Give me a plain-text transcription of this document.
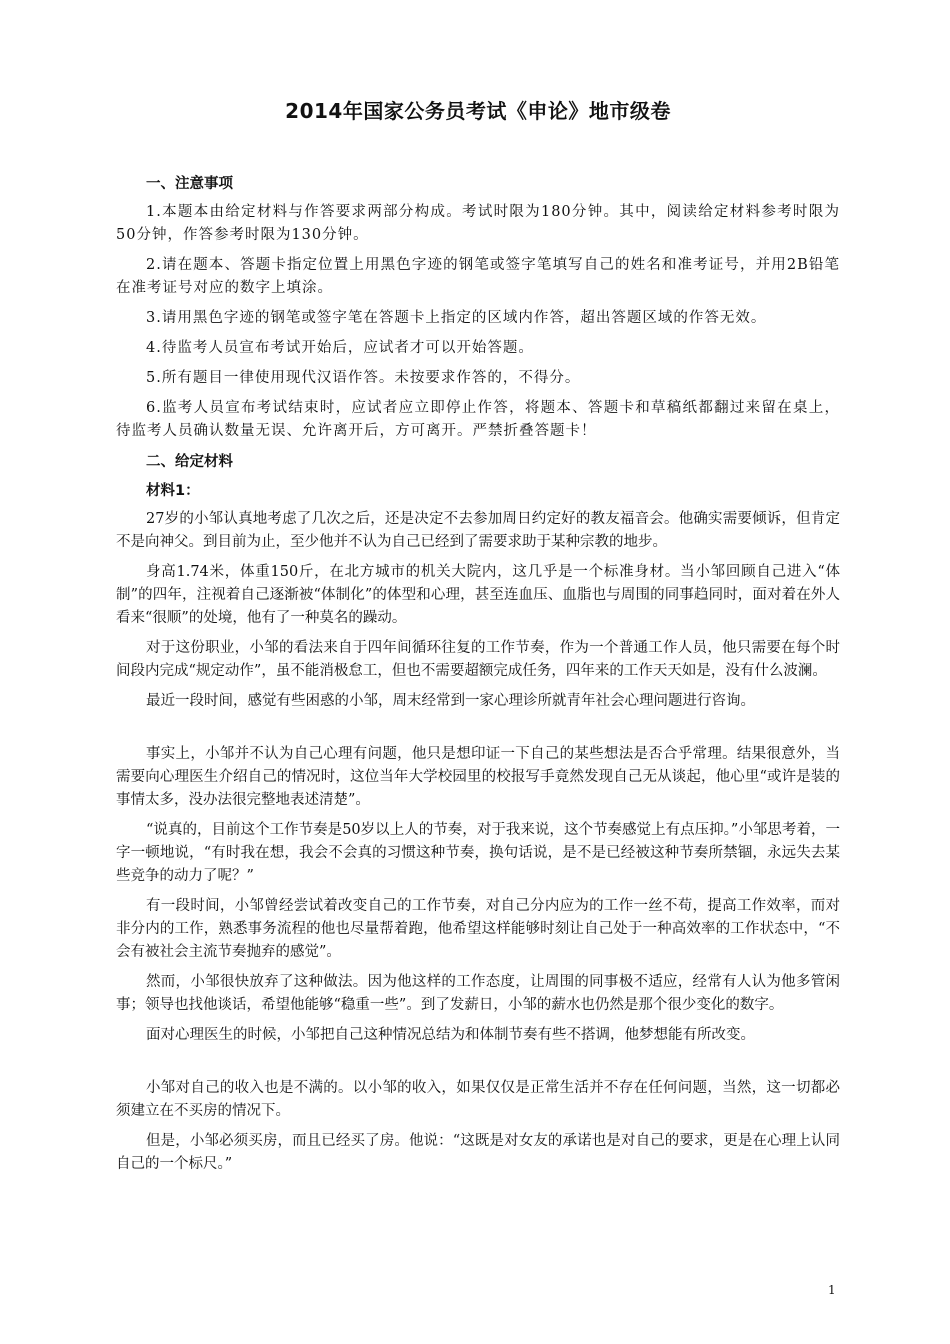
2014年国家公务员考试《申论》地市级卷
一、注意事项

1.本题本由给定材料与作答要求两部分构成。考试时限为180分钟。其中，阅读给定材料参考时限为50分钟，作答参考时限为130分钟。

2.请在题本、答题卡指定位置上用黑色字迹的钢笔或签字笔填写自己的姓名和准考证号，并用2B铅笔在准考证号对应的数字上填涂。

3.请用黑色字迹的钢笔或签字笔在答题卡上指定的区域内作答，超出答题区域的作答无效。

4.待监考人员宣布考试开始后，应试者才可以开始答题。

5.所有题目一律使用现代汉语作答。未按要求作答的，不得分。

6.监考人员宣布考试结束时，应试者应立即停止作答，将题本、答题卡和草稿纸都翻过来留在桌上，待监考人员确认数量无误、允许离开后，方可离开。严禁折叠答题卡！

二、给定材料
材料1：

27岁的小邹认真地考虑了几次之后，还是决定不去参加周日约定好的教友福音会。他确实需要倾诉，但肯定不是向神父。到目前为止，至少他并不认为自己已经到了需要求助于某种宗教的地步。

身高1.74米，体重150斤，在北方城市的机关大院内，这几乎是一个标准身材。当小邹回顾自己进入“体制”的四年，注视着自己逐渐被“体制化”的体型和心理，甚至连血压、血脂也与周围的同事趋同时，面对着在外人看来“很顺”的处境，他有了一种莫名的躁动。

对于这份职业，小邹的看法来自于四年间循环往复的工作节奏，作为一个普通工作人员，他只需要在每个时间段内完成“规定动作”，虽不能消极怠工，但也不需要超额完成任务，四年来的工作天天如是，没有什么波澜。

最近一段时间，感觉有些困惑的小邹，周末经常到一家心理诊所就青年社会心理问题进行咨询。

事实上，小邹并不认为自己心理有问题，他只是想印证一下自己的某些想法是否合乎常理。结果很意外，当需要向心理医生介绍自己的情况时，这位当年大学校园里的校报写手竟然发现自己无从谈起，他心里“或许是装的事情太多，没办法很完整地表述清楚”。

“说真的，目前这个工作节奏是50岁以上人的节奏，对于我来说，这个节奏感觉上有点压抑。”小邹思考着，一字一顿地说，“有时我在想，我会不会真的习惯这种节奏，换句话说，是不是已经被这种节奏所禁锢，永远失去某些竞争的动力了呢？”

有一段时间，小邹曾经尝试着改变自己的工作节奏，对自己分内应为的工作一丝不苟，提高工作效率，而对非分内的工作，熟悉事务流程的他也尽量帮着跑，他希望这样能够时刻让自己处于一种高效率的工作状态中，“不会有被社会主流节奏抛弃的感觉”。

然而，小邹很快放弃了这种做法。因为他这样的工作态度，让周围的同事极不适应，经常有人认为他多管闲事；领导也找他谈话，希望他能够“稳重一些”。到了发薪日，小邹的薪水也仍然是那个很少变化的数字。

面对心理医生的时候，小邹把自己这种情况总结为和体制节奏有些不搭调，他梦想能有所改变。

小邹对自己的收入也是不满的。以小邹的收入，如果仅仅是正常生活并不存在任何问题，当然，这一切都必须建立在不买房的情况下。

但是，小邹必须买房，而且已经买了房。他说：“这既是对女友的承诺也是对自己的要求，更是在心理上认同自己的一个标尺。”

1
